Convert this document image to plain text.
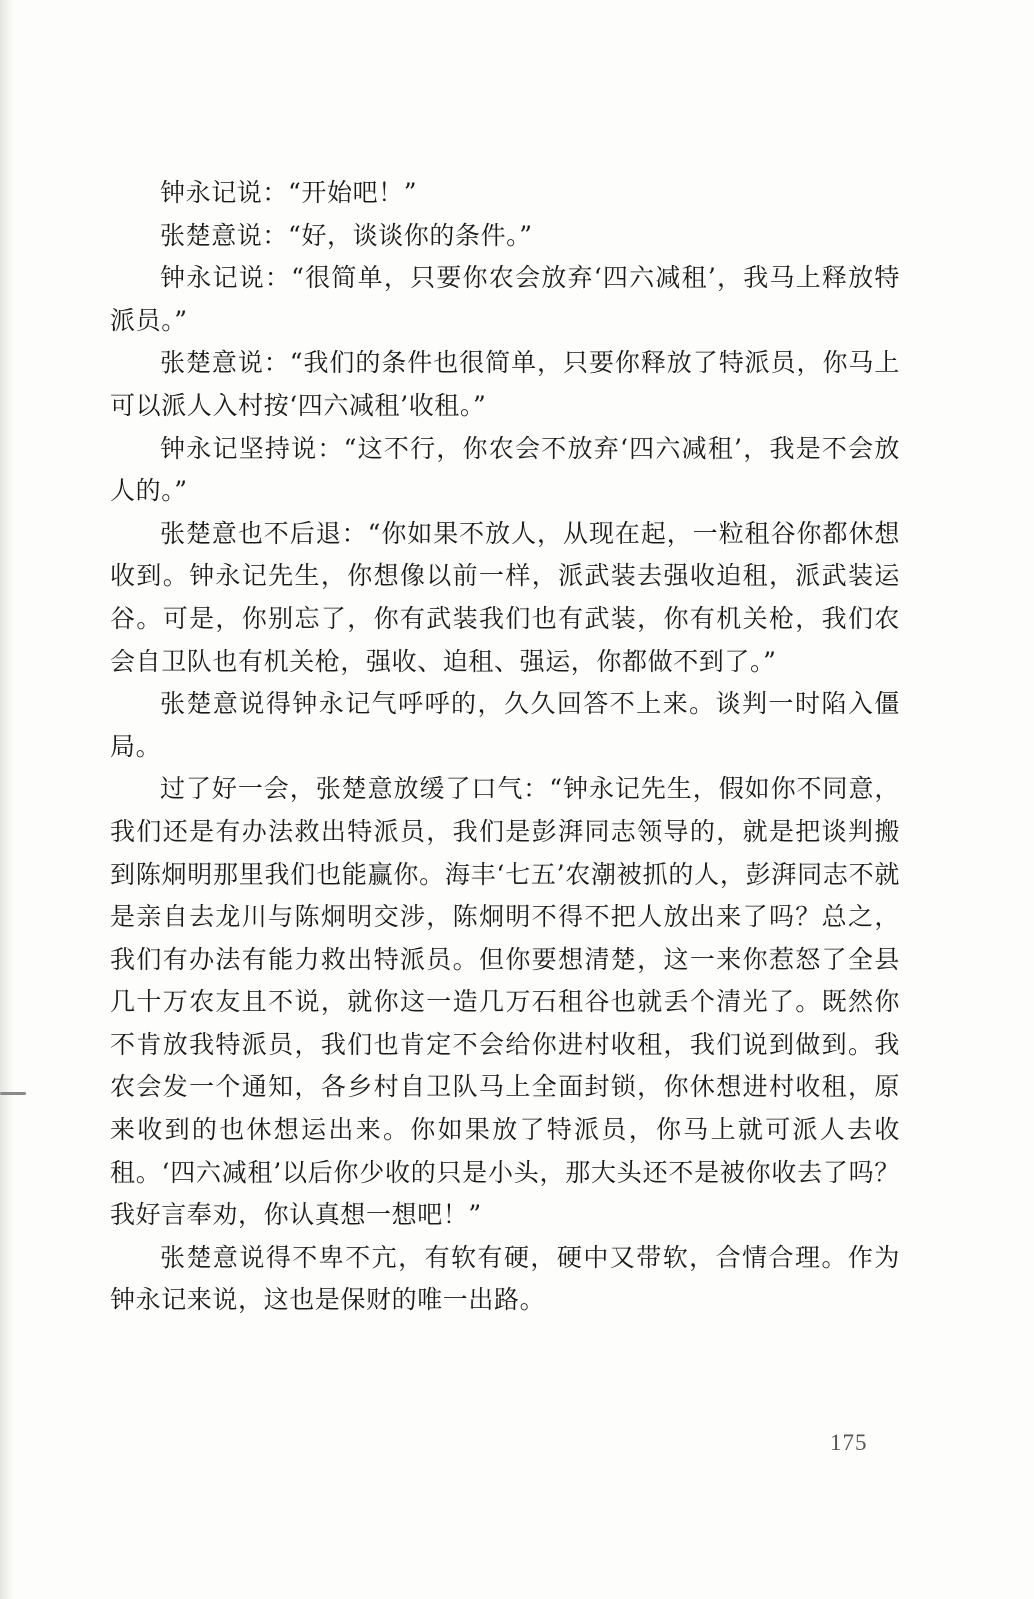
钟永记说：“开始吧！”

张楚意说：“好，谈谈你的条件。”

钟永记说：“很简单，只要你农会放弃‘四六减租’，我马上释放特派员。”

张楚意说：“我们的条件也很简单，只要你释放了特派员，你马上可以派人入村按‘四六减租’收租。”

钟永记坚持说：“这不行，你农会不放弃‘四六减租’，我是不会放人的。”

张楚意也不后退：“你如果不放人，从现在起，一粒租谷你都休想收到。钟永记先生，你想像以前一样，派武装去强收迫租，派武装运谷。可是，你别忘了，你有武装我们也有武装，你有机关枪，我们农会自卫队也有机关枪，强收、迫租、强运，你都做不到了。”

张楚意说得钟永记气呼呼的，久久回答不上来。谈判一时陷入僵局。

过了好一会，张楚意放缓了口气：“钟永记先生，假如你不同意，我们还是有办法救出特派员，我们是彭湃同志领导的，就是把谈判搬到陈炯明那里我们也能赢你。海丰‘七五’农潮被抓的人，彭湃同志不就是亲自去龙川与陈炯明交涉，陈炯明不得不把人放出来了吗？总之，我们有办法有能力救出特派员。但你要想清楚，这一来你惹怒了全县几十万农友且不说，就你这一造几万石租谷也就丢个清光了。既然你不肯放我特派员，我们也肯定不会给你进村收租，我们说到做到。我农会发一个通知，各乡村自卫队马上全面封锁，你休想进村收租，原来收到的也休想运出来。你如果放了特派员，你马上就可派人去收租。‘四六减租’以后你少收的只是小头，那大头还不是被你收去了吗？我好言奉劝，你认真想一想吧！”

张楚意说得不卑不亢，有软有硬，硬中又带软，合情合理。作为钟永记来说，这也是保财的唯一出路。

175
